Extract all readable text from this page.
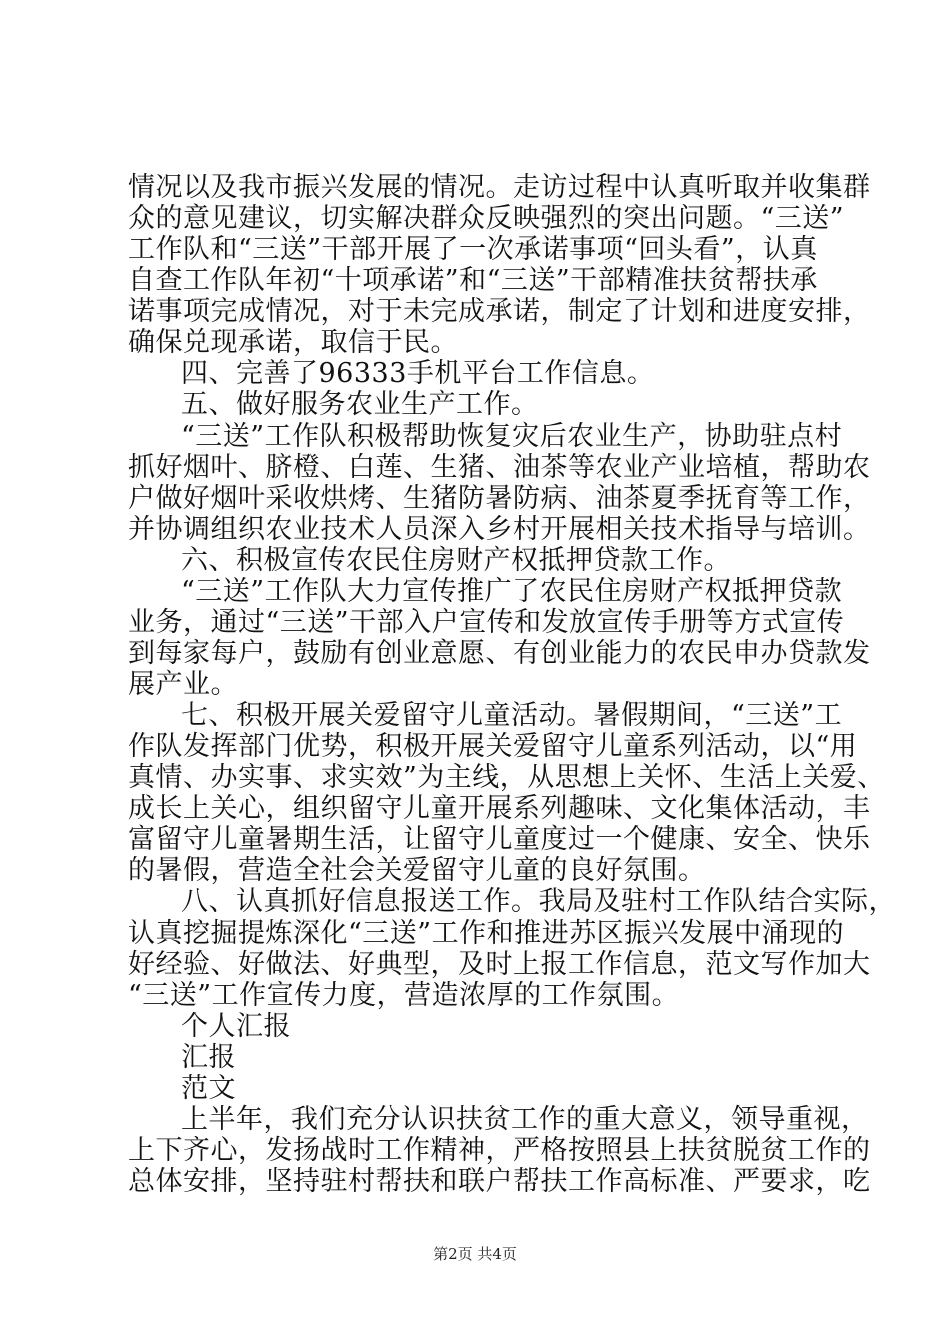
情况以及我市振兴发展的情况。走访过程中认真听取并收集群
众的意见建议，切实解决群众反映强烈的突出问题。“三送”
工作队和“三送”干部开展了一次承诺事项“回头看”，认真
自查工作队年初“十项承诺”和“三送”干部精准扶贫帮扶承
诺事项完成情况，对于未完成承诺，制定了计划和进度安排，
确保兑现承诺，取信于民。
四、完善了96333手机平台工作信息。
五、做好服务农业生产工作。
“三送”工作队积极帮助恢复灾后农业生产，协助驻点村
抓好烟叶、脐橙、白莲、生猪、油茶等农业产业培植，帮助农
户做好烟叶采收烘烤、生猪防暑防病、油茶夏季抚育等工作，
并协调组织农业技术人员深入乡村开展相关技术指导与培训。
六、积极宣传农民住房财产权抵押贷款工作。
“三送”工作队大力宣传推广了农民住房财产权抵押贷款
业务，通过“三送”干部入户宣传和发放宣传手册等方式宣传
到每家每户，鼓励有创业意愿、有创业能力的农民申办贷款发
展产业。
七、积极开展关爱留守儿童活动。暑假期间，“三送”工
作队发挥部门优势，积极开展关爱留守儿童系列活动，以“用
真情、办实事、求实效”为主线，从思想上关怀、生活上关爱、
成长上关心，组织留守儿童开展系列趣味、文化集体活动，丰
富留守儿童暑期生活，让留守儿童度过一个健康、安全、快乐
的暑假，营造全社会关爱留守儿童的良好氛围。
八、认真抓好信息报送工作。我局及驻村工作队结合实际，
认真挖掘提炼深化“三送”工作和推进苏区振兴发展中涌现的
好经验、好做法、好典型，及时上报工作信息，范文写作加大
“三送”工作宣传力度，营造浓厚的工作氛围。
个人汇报
汇报
范文
上半年，我们充分认识扶贫工作的重大意义，领导重视，
上下齐心，发扬战时工作精神，严格按照县上扶贫脱贫工作的
总体安排，坚持驻村帮扶和联户帮扶工作高标准、严要求，吃
第2页 共4页
